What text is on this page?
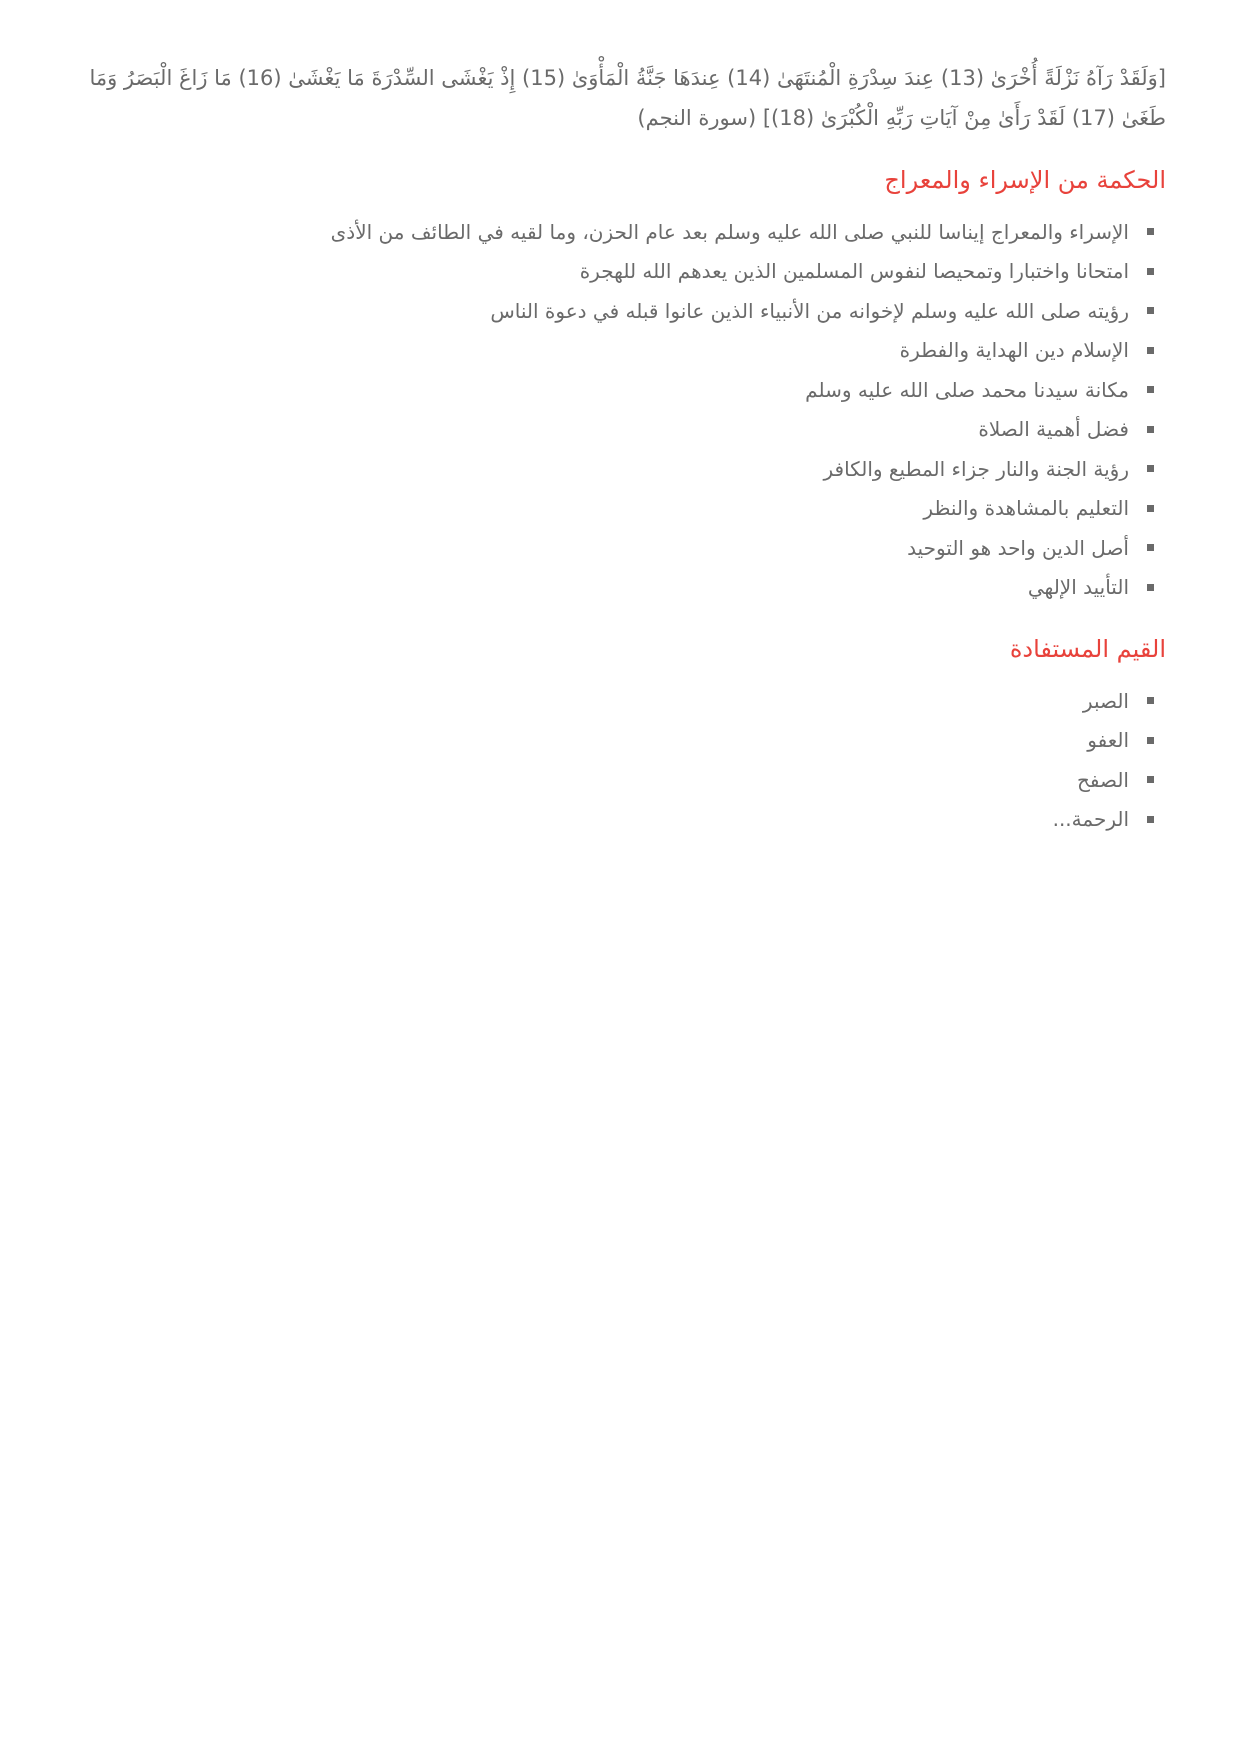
[وَلَقَدْ رَآهُ نَزْلَةً أُخْرَىٰ (13) عِندَ سِدْرَةِ الْمُنتَهَىٰ (14) عِندَهَا جَنَّةُ الْمَأْوَىٰ (15) إِذْ يَغْشَى السِّدْرَةَ مَا يَغْشَىٰ (16) مَا زَاغَ الْبَصَرُ وَمَا طَغَىٰ (17) لَقَدْ رَأَىٰ مِنْ آيَاتِ رَبِّهِ الْكُبْرَىٰ (18)] (سورة النجم)

الحكمة من الإسراء والمعراج
الإسراء والمعراج إيناسا للنبي صلى الله عليه وسلم بعد عام الحزن، وما لقيه في الطائف من الأذى
امتحانا واختبارا وتمحيصا لنفوس المسلمين الذين يعدهم الله للهجرة
رؤيته صلى الله عليه وسلم لإخوانه من الأنبياء الذين عانوا قبله في دعوة الناس
الإسلام دين الهداية والفطرة
مكانة سيدنا محمد صلى الله عليه وسلم
فضل أهمية الصلاة
رؤية الجنة والنار جزاء المطيع والكافر
التعليم بالمشاهدة والنظر
أصل الدين واحد هو التوحيد
التأييد الإلهي
القيم المستفادة
الصبر
العفو
الصفح
الرحمة...
